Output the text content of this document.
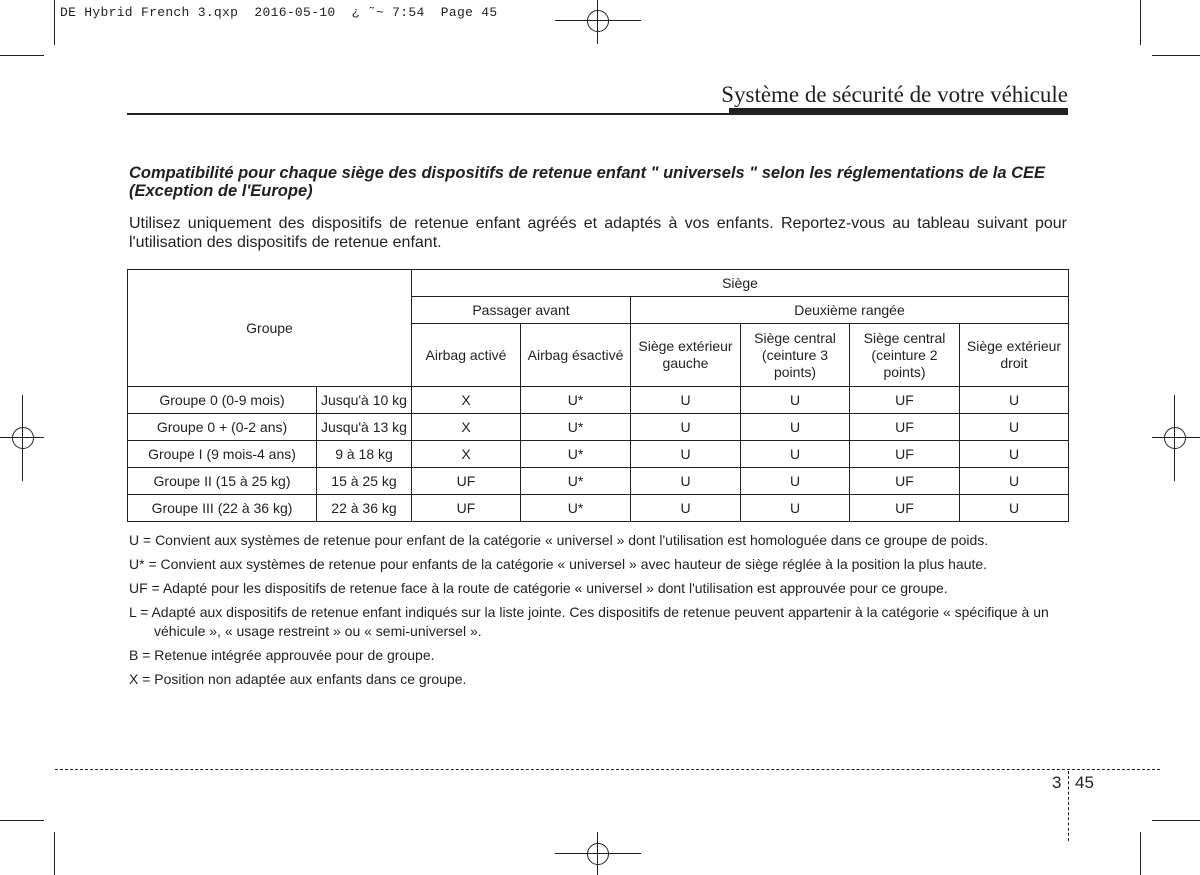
DE Hybrid French 3.qxp  2016-05-10  ¿ ˜~ 7:54  Page 45
Système de sécurité de votre véhicule
Compatibilité pour chaque siège des dispositifs de retenue enfant " universels " selon les réglementations de la CEE (Exception de l'Europe)
Utilisez uniquement des dispositifs de retenue enfant agréés et adaptés à vos enfants. Reportez-vous au tableau suivant pour l'utilisation des dispositifs de retenue enfant.
Groupe		Siège					
		Passager avant		Deuxième rangée			
		Airbag activé	Airbag ésactivé	Siège extérieur gauche	Siège central (ceinture 3 points)	Siège central (ceinture 2 points)	Siège extérieur droit
Groupe 0 (0-9 mois)	Jusqu'à 10 kg	X	U*	U	U	UF	U
Groupe 0 + (0-2 ans)	Jusqu'à 13 kg	X	U*	U	U	UF	U
Groupe I (9 mois-4 ans)	9 à 18 kg	X	U*	U	U	UF	U
Groupe II (15 à 25 kg)	15 à 25 kg	UF	U*	U	U	UF	U
Groupe III (22 à 36 kg)	22 à 36 kg	UF	U*	U	U	UF	U

U = Convient aux systèmes de retenue pour enfant de la catégorie « universel » dont l'utilisation est homologuée dans ce groupe de poids.

U* = Convient aux systèmes de retenue pour enfants de la catégorie « universel » avec hauteur de siège réglée à la position la plus haute.

UF = Adapté pour les dispositifs de retenue face à la route de catégorie « universel » dont l'utilisation est approuvée pour ce groupe.

L = Adapté aux dispositifs de retenue enfant indiqués sur la liste jointe. Ces dispositifs de retenue peuvent appartenir à la catégorie « spécifique à un véhicule », « usage restreint » ou « semi-universel ».

B = Retenue intégrée approuvée pour de groupe.

X = Position non adaptée aux enfants dans ce groupe.

3 45
